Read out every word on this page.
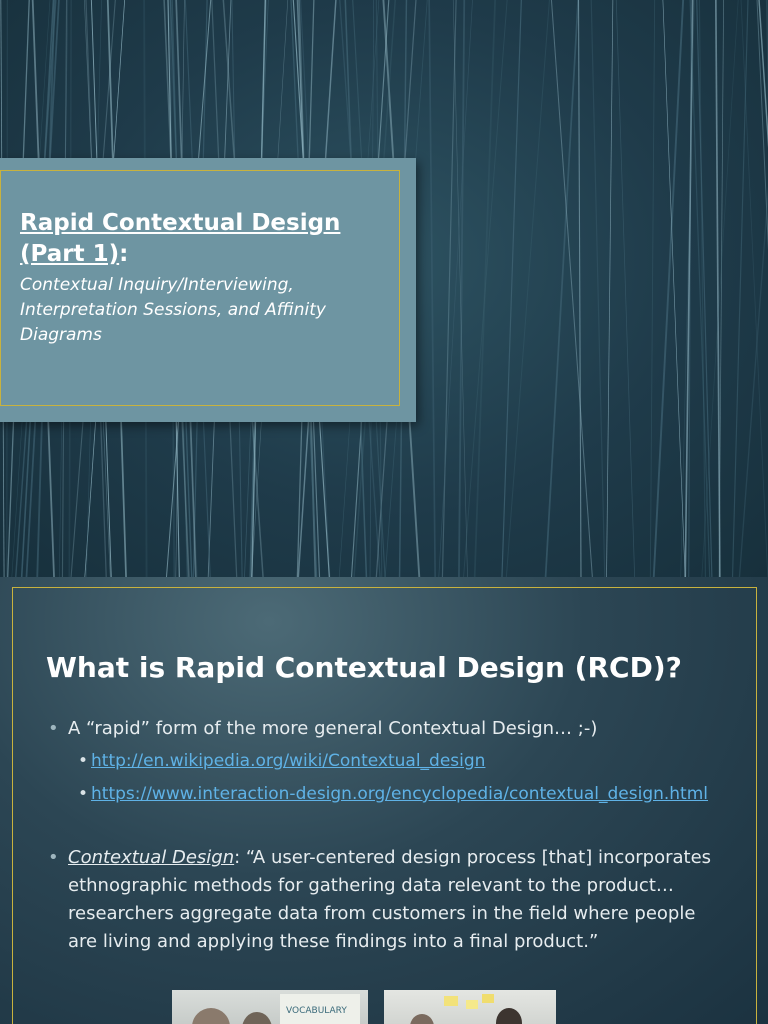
Rapid Contextual Design
(Part 1):
Contextual Inquiry/Interviewing, Interpretation Sessions, and Affinity Diagrams
What is Rapid Contextual Design (RCD)?
• A “rapid” form of the more general Contextual Design… ;-)
• http://en.wikipedia.org/wiki/Contextual_design
• https://www.interaction-design.org/encyclopedia/contextual_design.html
• Contextual Design: “A user-centered design process [that] incorporates ethnographic methods for gathering data relevant to the product…researchers aggregate data from customers in the field where people are living and applying these findings into a final product.”
VOCABULARY
